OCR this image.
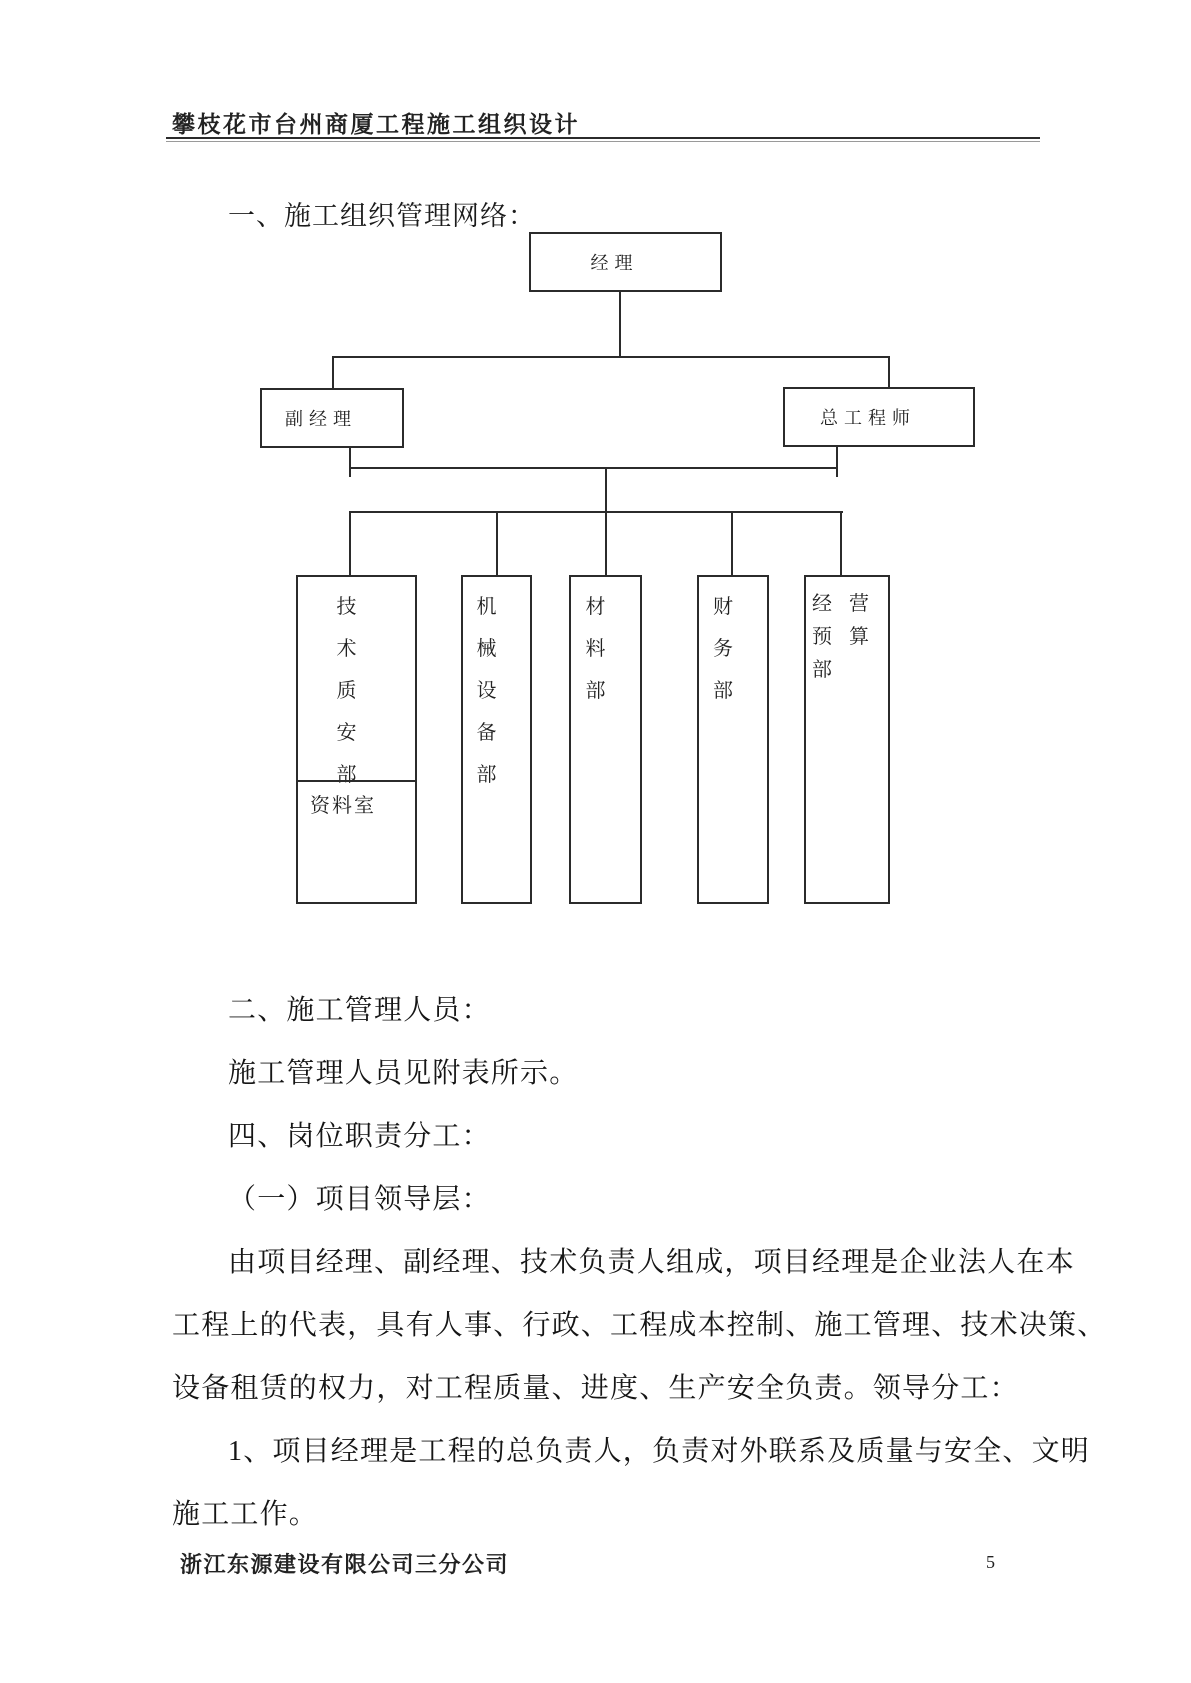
攀枝花市台州商厦工程施工组织设计
一、施工组织管理网络：
经理
副经理	总工程师
技
术
质
安
部
资料室
机
械
设
备
部
材
料
部
财
务
部
经 营
预 算
部
二、施工管理人员：
施工管理人员见附表所示。
四、岗位职责分工：
（一）项目领导层：
由项目经理、副经理、技术负责人组成，项目经理是企业法人在本
工程上的代表，具有人事、行政、工程成本控制、施工管理、技术决策、
设备租赁的权力，对工程质量、进度、生产安全负责。领导分工：
1、项目经理是工程的总负责人，负责对外联系及质量与安全、文明
施工工作。
浙江东源建设有限公司三分公司	5
